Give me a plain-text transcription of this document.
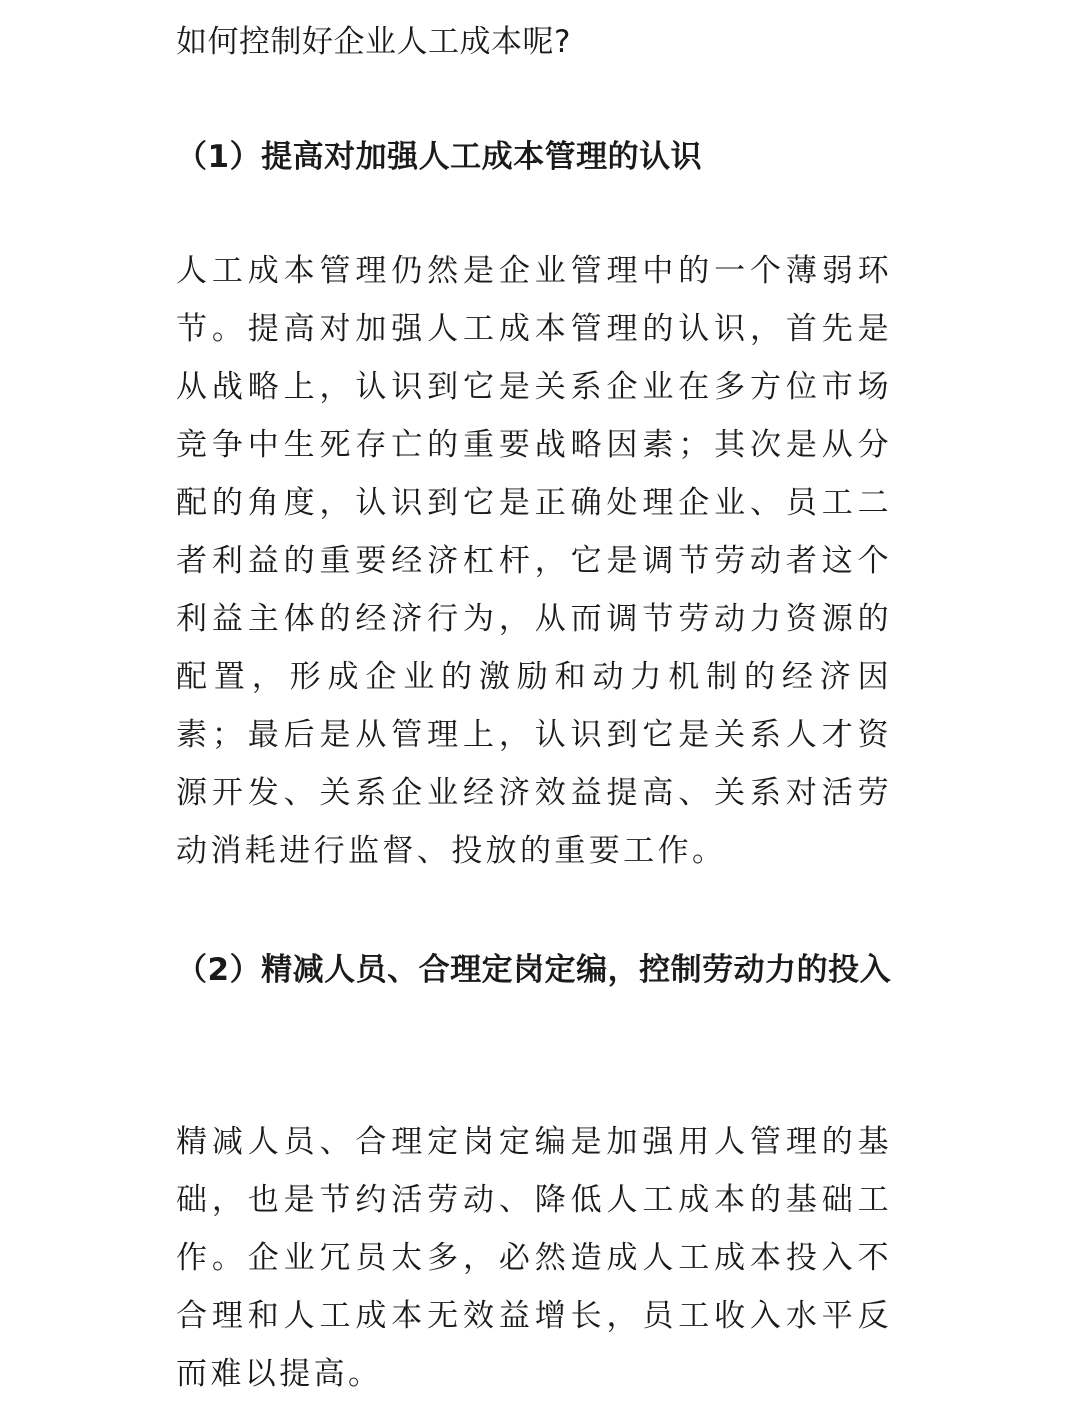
如何控制好企业人工成本呢?
（1）提高对加强人工成本管理的认识

人工成本管理仍然是企业管理中的一个薄弱环节。提高对加强人工成本管理的认识，首先是从战略上，认识到它是关系企业在多方位市场竞争中生死存亡的重要战略因素；其次是从分配的角度，认识到它是正确处理企业、员工二者利益的重要经济杠杆，它是调节劳动者这个利益主体的经济行为，从而调节劳动力资源的配置，形成企业的激励和动力机制的经济因素；最后是从管理上，认识到它是关系人才资源开发、关系企业经济效益提高、关系对活劳动消耗进行监督、投放的重要工作。

（2）精减人员、合理定岗定编，控制劳动力的投入

精减人员、合理定岗定编是加强用人管理的基础，也是节约活劳动、降低人工成本的基础工作。企业冗员太多，必然造成人工成本投入不合理和人工成本无效益增长，员工收入水平反而难以提高。
